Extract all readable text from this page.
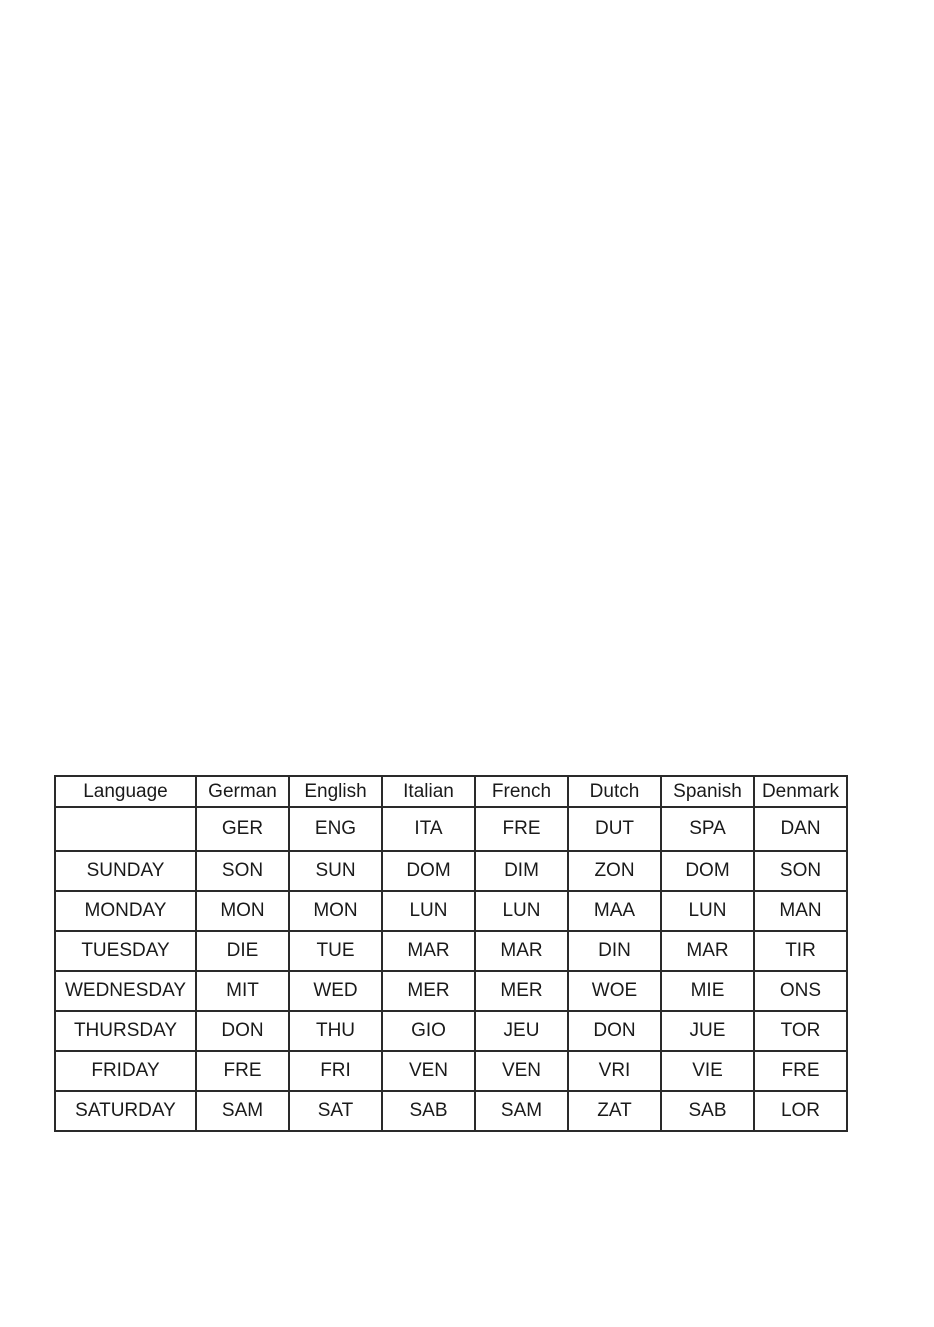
Language	German	English	Italian	French	Dutch	Spanish	Denmark
	GER	ENG	ITA	FRE	DUT	SPA	DAN
SUNDAY	SON	SUN	DOM	DIM	ZON	DOM	SON
MONDAY	MON	MON	LUN	LUN	MAA	LUN	MAN
TUESDAY	DIE	TUE	MAR	MAR	DIN	MAR	TIR
WEDNESDAY	MIT	WED	MER	MER	WOE	MIE	ONS
THURSDAY	DON	THU	GIO	JEU	DON	JUE	TOR
FRIDAY	FRE	FRI	VEN	VEN	VRI	VIE	FRE
SATURDAY	SAM	SAT	SAB	SAM	ZAT	SAB	LOR
